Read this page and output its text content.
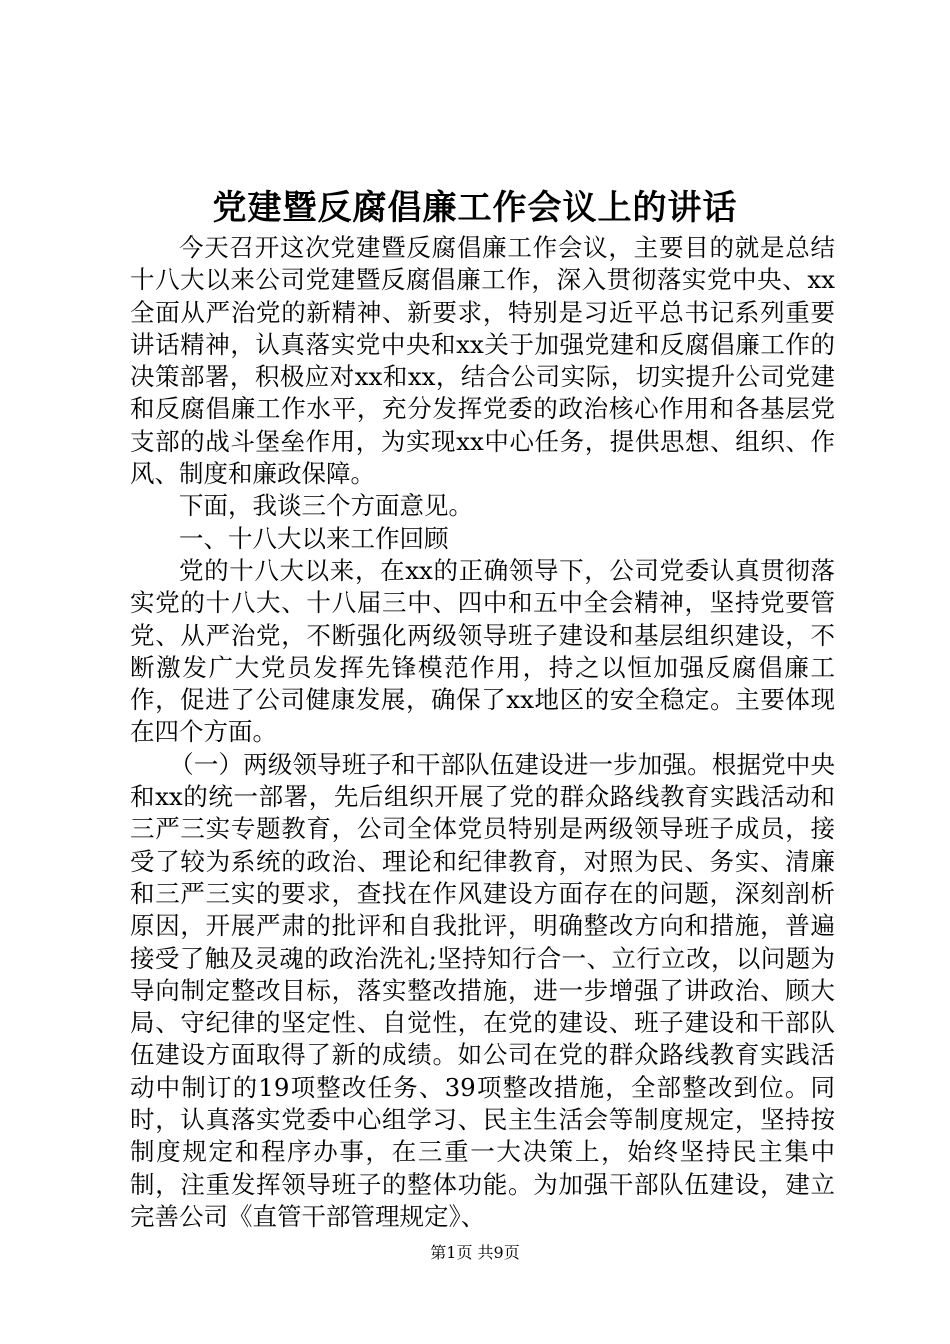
党建暨反腐倡廉工作会议上的讲话

今天召开这次党建暨反腐倡廉工作会议，主要目的就是总结十八大以来公司党建暨反腐倡廉工作，深入贯彻落实党中央、xx全面从严治党的新精神、新要求，特别是习近平总书记系列重要讲话精神，认真落实党中央和xx关于加强党建和反腐倡廉工作的决策部署，积极应对xx和xx，结合公司实际，切实提升公司党建和反腐倡廉工作水平，充分发挥党委的政治核心作用和各基层党支部的战斗堡垒作用，为实现xx中心任务，提供思想、组织、作风、制度和廉政保障。

下面，我谈三个方面意见。

一、十八大以来工作回顾

党的十八大以来，在xx的正确领导下，公司党委认真贯彻落实党的十八大、十八届三中、四中和五中全会精神，坚持党要管党、从严治党，不断强化两级领导班子建设和基层组织建设，不断激发广大党员发挥先锋模范作用，持之以恒加强反腐倡廉工作，促进了公司健康发展，确保了xx地区的安全稳定。主要体现在四个方面。

（一）两级领导班子和干部队伍建设进一步加强。根据党中央和xx的统一部署，先后组织开展了党的群众路线教育实践活动和三严三实专题教育，公司全体党员特别是两级领导班子成员，接受了较为系统的政治、理论和纪律教育，对照为民、务实、清廉和三严三实的要求，查找在作风建设方面存在的问题，深刻剖析原因，开展严肃的批评和自我批评，明确整改方向和措施，普遍接受了触及灵魂的政治洗礼;坚持知行合一、立行立改，以问题为导向制定整改目标，落实整改措施，进一步增强了讲政治、顾大局、守纪律的坚定性、自觉性，在党的建设、班子建设和干部队伍建设方面取得了新的成绩。如公司在党的群众路线教育实践活动中制订的19项整改任务、39项整改措施，全部整改到位。同时，认真落实党委中心组学习、民主生活会等制度规定，坚持按制度规定和程序办事，在三重一大决策上，始终坚持民主集中制，注重发挥领导班子的整体功能。为加强干部队伍建设，建立完善公司《直管干部管理规定》、

第1页 共9页
